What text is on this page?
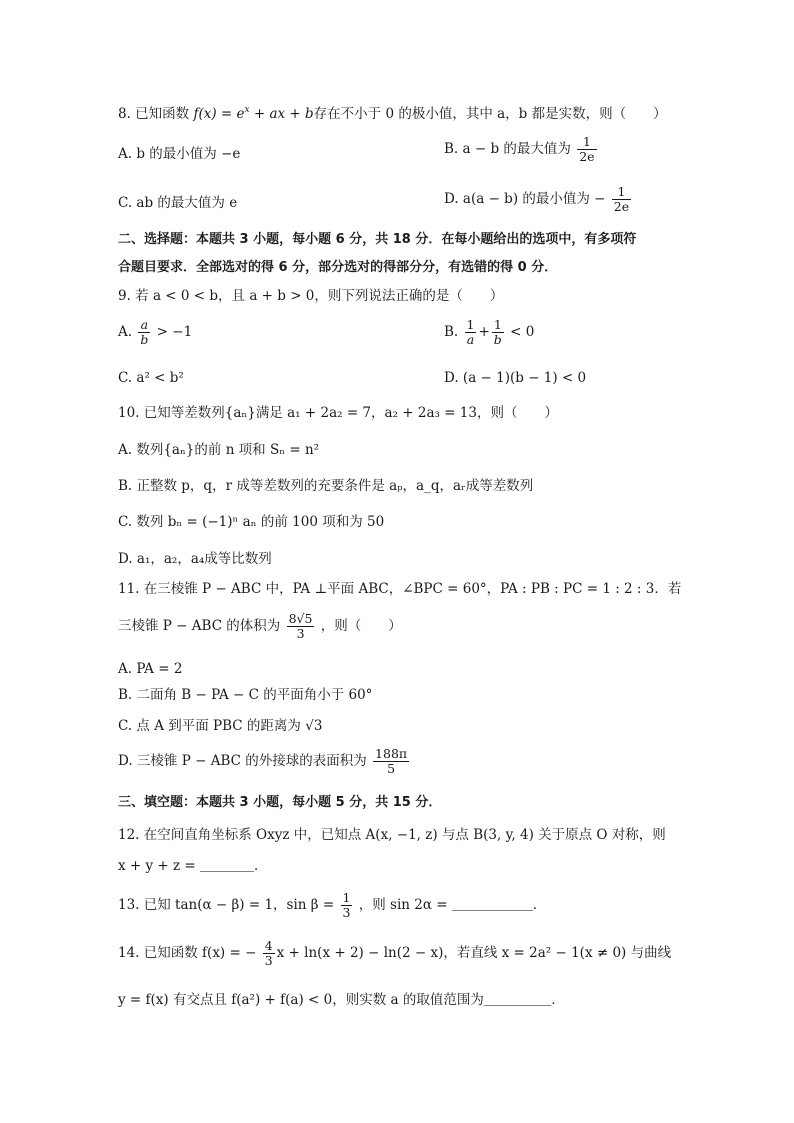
8. 已知函数 $f(x) = e^x$ + ax + b存在不小于 0 的极小值，其中 a，b 都是实数，则（　　）
A. b 的最小值为 −e	B. a − b 的最大值为 $\frac{1}{2e}$
C. ab 的最大值为 e	D. a(a − b) 的最小值为 − $\frac{1}{2e}$
二、选择题：本题共 3 小题，每小题 6 分，共 18 分．在每小题给出的选项中，有多项符
合题目要求．全部选对的得 6 分，部分选对的得部分分，有选错的得 0 分．
9. 若 a < 0 < b，且 a + b > 0，则下列说法正确的是（　　）
A. $\frac{a}{b} > -1$	B. $\frac{1}{a} + \frac{1}{b} < 0$
C. a² < b²	D. (a − 1)(b − 1) < 0
10. 已知等差数列{aₙ}满足 a₁ + 2a₂ = 7，a₂ + 2a₃ = 13，则（　　）
A. 数列{aₙ}的前 n 项和 Sₙ = n²
B. 正整数 p，q，r 成等差数列的充要条件是 aₚ，a_q，aᵣ成等差数列
C. 数列 bₙ = (−1)ⁿ aₙ 的前 100 项和为 50
D. a₁，a₂，a₄成等比数列
11. 在三棱锥 P − ABC 中，PA ⊥平面 ABC，∠BPC = 60°，PA : PB : PC = 1 : 2 : 3．若
三棱锥 P − ABC 的体积为 $\frac{8√5}{3}$ ，则（　　）
A. PA = 2
B. 二面角 B − PA − C 的平面角小于 60°
C. 点 A 到平面 PBC 的距离为 √3
D. 三棱锥 P − ABC 的外接球的表面积为 $\frac{188\pi}{5}$
三、填空题：本题共 3 小题，每小题 5 分，共 15 分．
12. 在空间直角坐标系 Oxyz 中，已知点 A(x, −1, z) 与点 B(3, y, 4) 关于原点 O 对称，则
x + y + z = ＿＿＿＿．
13. 已知 tan(α − β) = 1，$\sin \beta = \frac{1}{3}$ ，则 sin 2α = ＿＿＿＿＿＿．
14. 已知函数 f(x) = − $\frac{4}{3}$ x + ln(x + 2) − ln(2 − x)，若直线 x = 2a² − 1(x ≠ 0) 与曲线
y = f(x) 有交点且 f(a²) + f(a) < 0，则实数 a 的取值范围为＿＿＿＿＿．
